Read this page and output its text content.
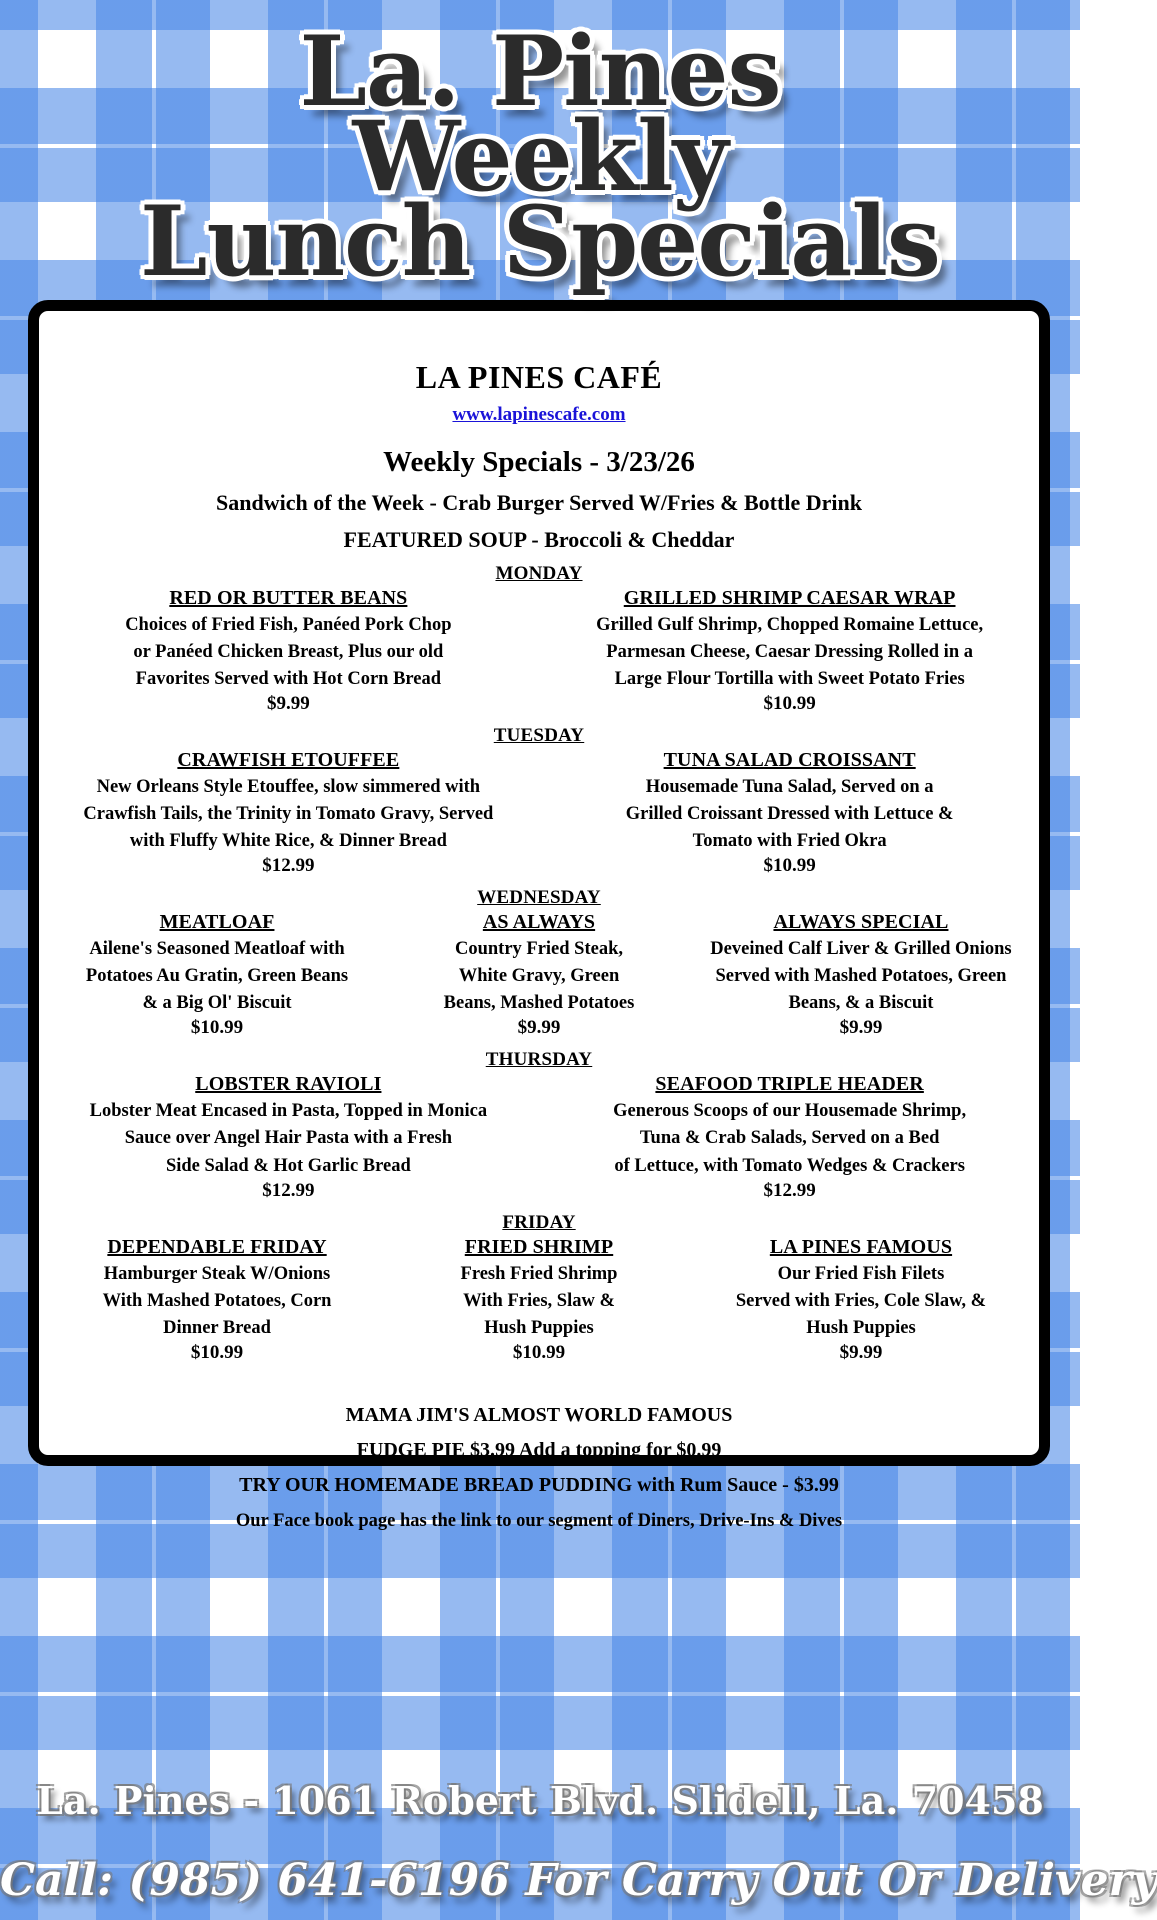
La. Pines
Weekly
Lunch Specials
LA PINES CAFÉ
www.lapinescafe.com
Weekly Specials - 3/23/26
Sandwich of the Week - Crab Burger Served W/Fries & Bottle Drink
FEATURED SOUP - Broccoli & Cheddar
MONDAY
RED OR BUTTER BEANS
Choices of Fried Fish, Panéed Pork Chop
or Panéed Chicken Breast, Plus our old
Favorites Served with Hot Corn Bread
$9.99
GRILLED SHRIMP CAESAR WRAP
Grilled Gulf Shrimp, Chopped Romaine Lettuce,
Parmesan Cheese, Caesar Dressing Rolled in a
Large Flour Tortilla with Sweet Potato Fries
$10.99
TUESDAY
CRAWFISH ETOUFFEE
New Orleans Style Etouffee, slow simmered with
Crawfish Tails, the Trinity in Tomato Gravy, Served
with Fluffy White Rice, & Dinner Bread
$12.99
TUNA SALAD CROISSANT
Housemade Tuna Salad, Served on a
Grilled Croissant Dressed with Lettuce &
Tomato with Fried Okra
$10.99
WEDNESDAY
MEATLOAF
Ailene's Seasoned Meatloaf with
Potatoes Au Gratin, Green Beans
& a Big Ol' Biscuit
$10.99
AS ALWAYS
Country Fried Steak,
White Gravy, Green
Beans, Mashed Potatoes
$9.99
ALWAYS SPECIAL
Deveined Calf Liver & Grilled Onions
Served with Mashed Potatoes, Green
Beans, & a Biscuit
$9.99
THURSDAY
LOBSTER RAVIOLI
Lobster Meat Encased in Pasta, Topped in Monica
Sauce over Angel Hair Pasta with a Fresh
Side Salad & Hot Garlic Bread
$12.99
SEAFOOD TRIPLE HEADER
Generous Scoops of our Housemade Shrimp,
Tuna & Crab Salads, Served on a Bed
of Lettuce, with Tomato Wedges & Crackers
$12.99
FRIDAY
DEPENDABLE FRIDAY
Hamburger Steak W/Onions
With Mashed Potatoes, Corn
Dinner Bread
$10.99
FRIED SHRIMP
Fresh Fried Shrimp
With Fries, Slaw &
Hush Puppies
$10.99
LA PINES FAMOUS
Our Fried Fish Filets
Served with Fries, Cole Slaw, &
Hush Puppies
$9.99
MAMA JIM'S ALMOST WORLD FAMOUS
FUDGE PIE $3.99 Add a topping for $0.99
TRY OUR HOMEMADE BREAD PUDDING with Rum Sauce - $3.99
Our Face book page has the link to our segment of Diners, Drive-Ins & Dives
La. Pines - 1061 Robert Blvd. Slidell, La. 70458
Call: (985) 641-6196 For Carry Out Or Delivery
